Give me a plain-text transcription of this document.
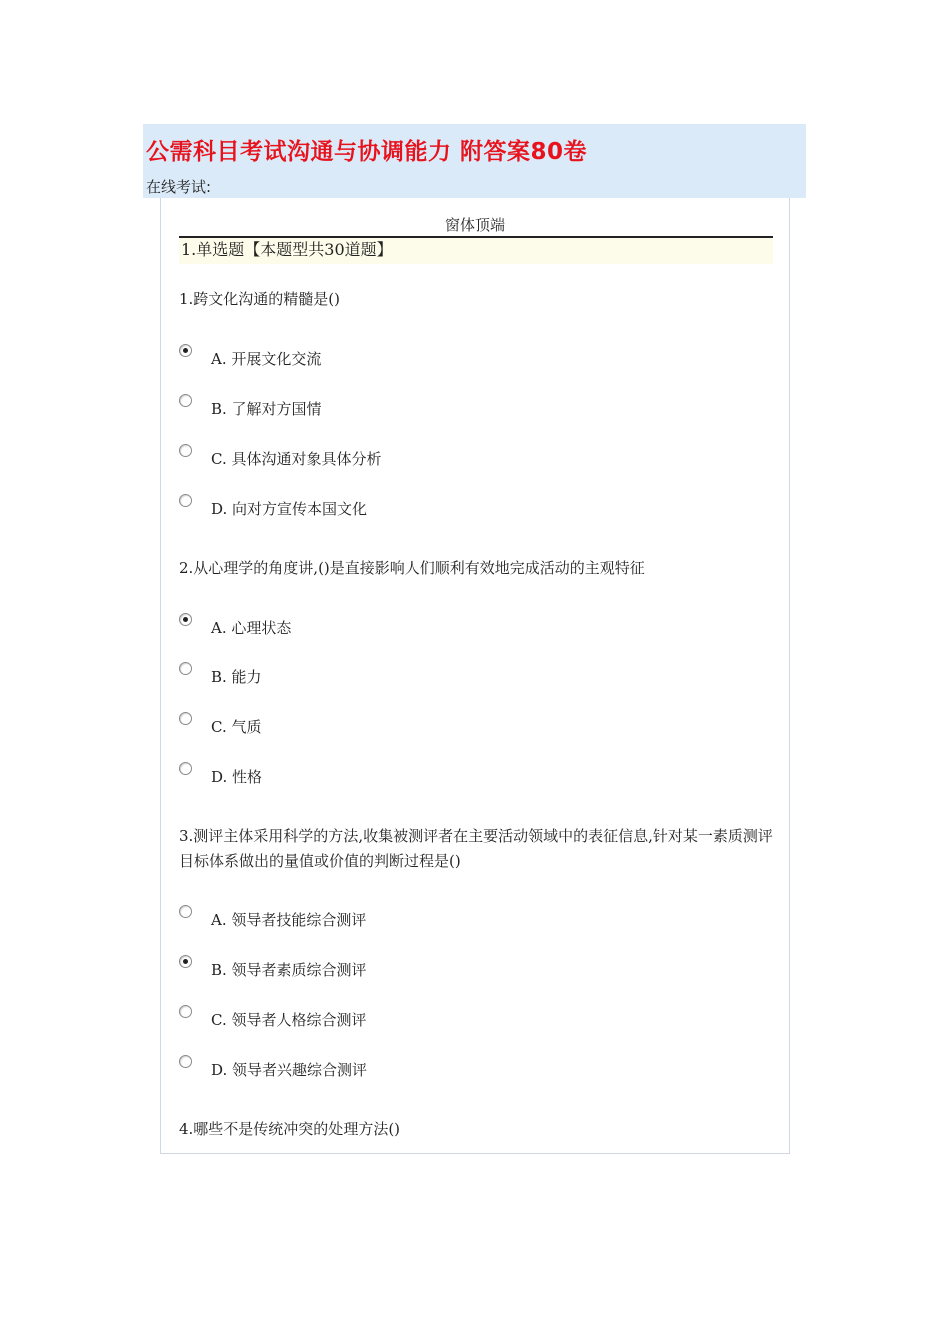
公需科目考试沟通与协调能力 附答案80卷
在线考试:
窗体顶端
1.单选题【本题型共30道题】
1.跨文化沟通的精髓是()
A. 开展文化交流
B. 了解对方国情
C. 具体沟通对象具体分析
D. 向对方宣传本国文化
2.从心理学的角度讲,()是直接影响人们顺利有效地完成活动的主观特征
A. 心理状态
B. 能力
C. 气质
D. 性格
3.测评主体采用科学的方法,收集被测评者在主要活动领域中的表征信息,针对某一素质测评目标体系做出的量值或价值的判断过程是()
A. 领导者技能综合测评
B. 领导者素质综合测评
C. 领导者人格综合测评
D. 领导者兴趣综合测评
4.哪些不是传统冲突的处理方法()
